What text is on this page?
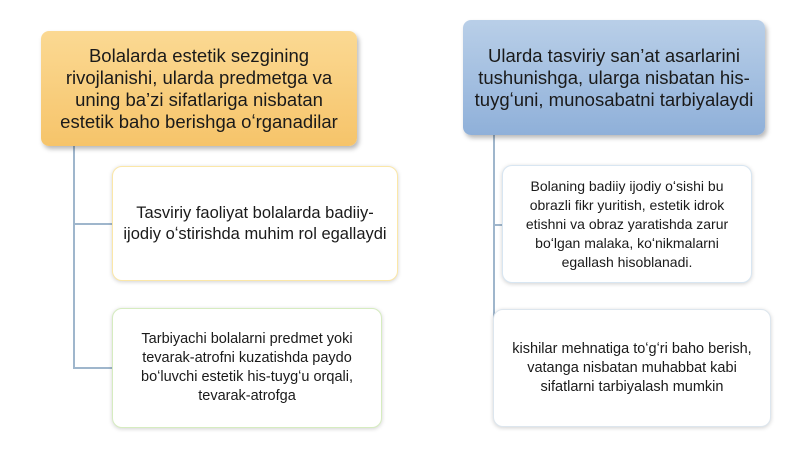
Bolalarda estetik sezgining rivojlanishi, ularda predmetga va uning ba’zi sifatlariga nisbatan estetik baho berishga oʻrganadilar
Tasviriy faoliyat bolalarda badiiy-ijodiy oʻstirishda muhim rol egallaydi
Tarbiyachi bolalarni predmet yoki tevarak-atrofni kuzatishda paydo boʻluvchi estetik his-tuygʻu orqali, tevarak-atrofga
Ularda tasviriy san’at asarlarini tushunishga, ularga nisbatan his-tuygʻuni, munosabatni tarbiyalaydi
Bolaning badiiy ijodiy oʻsishi bu obrazli fikr yuritish, estetik idrok etishni va obraz yaratishda zarur boʻlgan malaka, koʻnikmalarni egallash hisoblanadi.
kishilar mehnatiga toʻgʻri baho berish, vatanga nisbatan muhabbat kabi sifatlarni tarbiyalash mumkin
